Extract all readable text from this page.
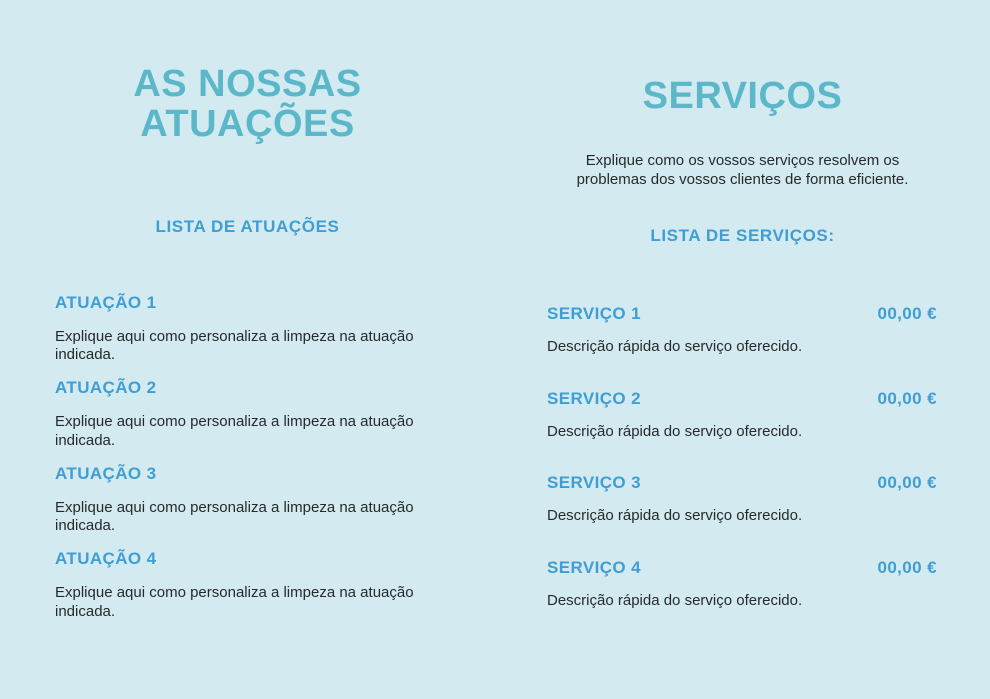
AS NOSSAS ATUAÇÕES
LISTA DE ATUAÇÕES
ATUAÇÃO 1
Explique aqui como personaliza a limpeza na atuação indicada.
ATUAÇÃO 2
Explique aqui como personaliza a limpeza na atuação indicada.
ATUAÇÃO 3
Explique aqui como personaliza a limpeza na atuação indicada.
ATUAÇÃO 4
Explique aqui como personaliza a limpeza na atuação indicada.
SERVIÇOS

Explique como os vossos serviços resolvem os problemas dos vossos clientes de forma eficiente.

LISTA DE SERVIÇOS:
SERVIÇO 1	00,00 €
Descrição rápida do serviço oferecido.
SERVIÇO 2	00,00 €
Descrição rápida do serviço oferecido.
SERVIÇO 3	00,00 €
Descrição rápida do serviço oferecido.
SERVIÇO 4	00,00 €
Descrição rápida do serviço oferecido.
